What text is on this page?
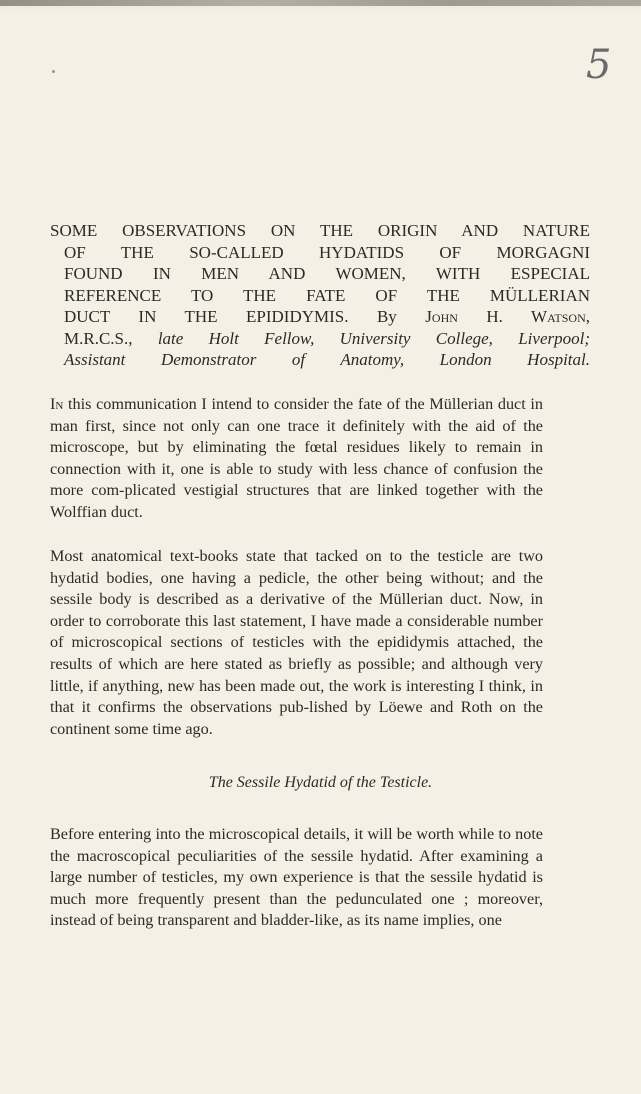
5
SOME OBSERVATIONS ON THE ORIGIN AND NATURE
OF THE SO-CALLED HYDATIDS OF MORGAGNI
FOUND IN MEN AND WOMEN, WITH ESPECIAL
REFERENCE TO THE FATE OF THE MÜLLERIAN
DUCT IN THE EPIDIDYMIS. By John H. Watson,
M.R.C.S., late Holt Fellow, University College, Liverpool;
Assistant Demonstrator of Anatomy, London Hospital.

In this communication I intend to consider the fate of the Müllerian duct in man first, since not only can one trace it definitely with the aid of the microscope, but by eliminating the fœtal residues likely to remain in connection with it, one is able to study with less chance of confusion the more com-plicated vestigial structures that are linked together with the Wolffian duct.

Most anatomical text-books state that tacked on to the testicle are two hydatid bodies, one having a pedicle, the other being without; and the sessile body is described as a derivative of the Müllerian duct. Now, in order to corroborate this last statement, I have made a considerable number of microscopical sections of testicles with the epididymis attached, the results of which are here stated as briefly as possible; and although very little, if anything, new has been made out, the work is interesting I think, in that it confirms the observations pub-lished by Löewe and Roth on the continent some time ago.

The Sessile Hydatid of the Testicle.

Before entering into the microscopical details, it will be worth while to note the macroscopical peculiarities of the sessile hydatid. After examining a large number of testicles, my own experience is that the sessile hydatid is much more frequently present than the pedunculated one ; moreover, instead of being transparent and bladder-like, as its name implies, one
